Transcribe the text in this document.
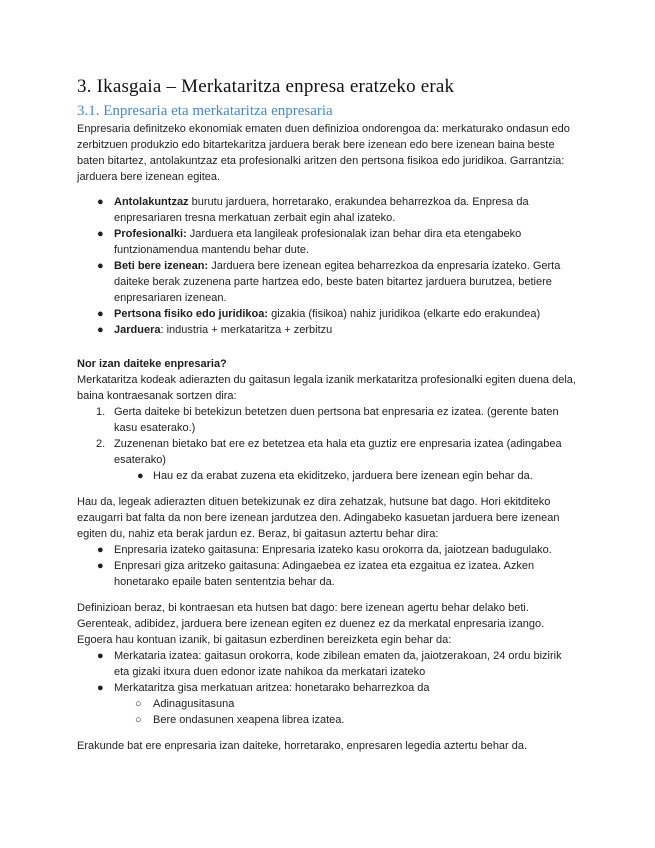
3. Ikasgaia – Merkataritza enpresa eratzeko erak
3.1. Enpresaria eta merkataritza enpresaria

Enpresaria definitzeko ekonomiak ematen duen definizioa ondorengoa da: merkaturako ondasun edo zerbitzuen produkzio edo bitartekaritza jarduera berak bere izenean edo bere izenean baina beste baten bitartez, antolakuntzaz eta profesionalki aritzen den pertsona fisikoa edo juridikoa. Garrantzia: jarduera bere izenean egitea.

● Antolakuntzaz burutu jarduera, horretarako, erakundea beharrezkoa da. Enpresa da enpresariaren tresna merkatuan zerbait egin ahal izateko.
● Profesionalki: Jarduera eta langileak profesionalak izan behar dira eta etengabeko funtzionamendua mantendu behar dute.
● Beti bere izenean: Jarduera bere izenean egitea beharrezkoa da enpresaria izateko. Gerta daiteke berak zuzenena parte hartzea edo, beste baten bitartez jarduera burutzea, betiere enpresariaren izenean.
● Pertsona fisiko edo juridikoa: gizakia (fisikoa) nahiz juridikoa (elkarte edo erakundea)
● Jarduera: industria + merkataritza + zerbitzu

Nor izan daiteke enpresaria?

Merkataritza kodeak adierazten du gaitasun legala izanik merkataritza profesionalki egiten duena dela, baina kontraesanak sortzen dira:

1. Gerta daiteke bi betekizun betetzen duen pertsona bat enpresaria ez izatea. (gerente baten kasu esaterako.)
2. Zuzenenan bietako bat ere ez betetzea eta hala eta guztiz ere enpresaria izatea (adingabea esaterako)
● Hau ez da erabat zuzena eta ekiditzeko, jarduera bere izenean egin behar da.

Hau da, legeak adierazten dituen betekizunak ez dira zehatzak, hutsune bat dago. Hori ekitditeko ezaugarri bat falta da non bere izenean jardutzea den. Adingabeko kasuetan jarduera bere izenean egiten du, nahiz eta berak jardun ez. Beraz, bi gaitasun aztertu behar dira:

● Enpresaria izateko gaitasuna: Enpresaria izateko kasu orokorra da, jaiotzean badugulako.
● Enpresari giza aritzeko gaitasuna: Adingaebea ez izatea eta ezgaitua ez izatea. Azken honetarako epaile baten sententzia behar da.

Definizioan beraz, bi kontraesan eta hutsen bat dago: bere izenean agertu behar delako beti. Gerenteak, adibidez, jarduera bere izenean egiten ez duenez ez da merkatal enpresaria izango. Egoera hau kontuan izanik, bi gaitasun ezberdinen bereizketa egin behar da:

● Merkataria izatea: gaitasun orokorra, kode zibilean ematen da, jaiotzerakoan, 24 ordu bizirik eta gizaki itxura duen edonor izate nahikoa da merkatari izateko
● Merkataritza gisa merkatuan aritzea: honetarako beharrezkoa da
○ Adinagusitasuna
○ Bere ondasunen xeapena librea izatea.

Erakunde bat ere enpresaria izan daiteke, horretarako, enpresaren legedia aztertu behar da.
